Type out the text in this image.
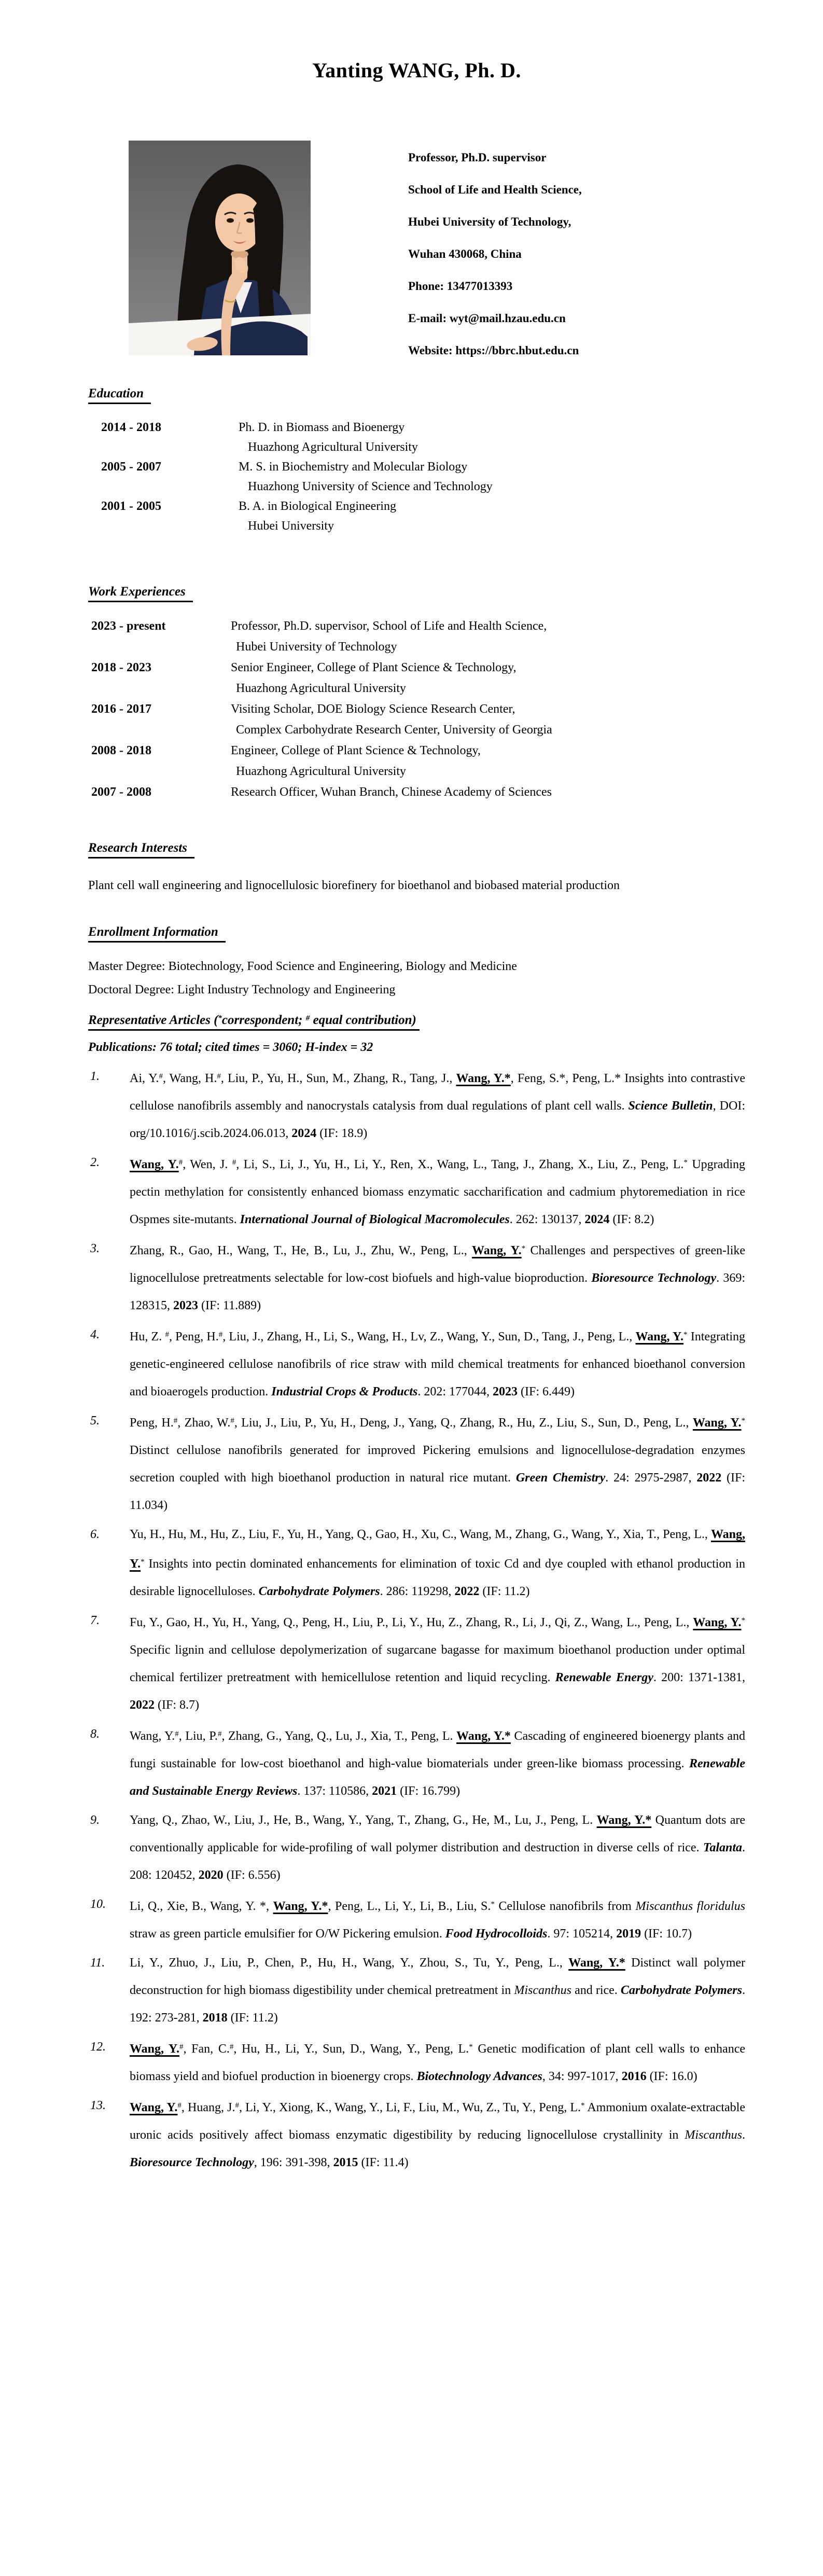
Yanting WANG, Ph. D.
Professor, Ph.D. supervisor
School of Life and Health Science,
Hubei University of Technology,
Wuhan 430068, China
Phone: 13477013393
E-mail: wyt@mail.hzau.edu.cn
Website: https://bbrc.hbut.edu.cn
Education
2014 - 2018	Ph. D. in Biomass and Bioenergy
Huazhong Agricultural University
2005 - 2007	M. S. in Biochemistry and Molecular Biology
Huazhong University of Science and Technology
2001 - 2005	B. A. in Biological Engineering
Hubei University
Work Experiences
2023 - present	Professor, Ph.D. supervisor, School of Life and Health Science,
Hubei University of Technology
2018 - 2023	Senior Engineer, College of Plant Science & Technology,
Huazhong Agricultural University
2016 - 2017	Visiting Scholar, DOE Biology Science Research Center,
Complex Carbohydrate Research Center, University of Georgia
2008 - 2018	Engineer, College of Plant Science & Technology,
Huazhong Agricultural University
2007 - 2008	Research Officer, Wuhan Branch, Chinese Academy of Sciences
Research Interests
Plant cell wall engineering and lignocellulosic biorefinery for bioethanol and biobased material production
Enrollment Information
Master Degree: Biotechnology, Food Science and Engineering, Biology and Medicine
Doctoral Degree: Light Industry Technology and Engineering
Representative Articles (*correspondent; # equal contribution)
Publications: 76 total; cited times = 3060; H-index = 32
1.	Ai, Y.#, Wang, H.#, Liu, P., Yu, H., Sun, M., Zhang, R., Tang, J., Wang, Y.*, Feng, S.*, Peng, L.* Insights into contrastive cellulose nanofibrils assembly and nanocrystals catalysis from dual regulations of plant cell walls. Science Bulletin, DOI: org/10.1016/j.scib.2024.06.013, 2024 (IF: 18.9)
2.	Wang, Y.#, Wen, J. #, Li, S., Li, J., Yu, H., Li, Y., Ren, X., Wang, L., Tang, J., Zhang, X., Liu, Z., Peng, L.* Upgrading pectin methylation for consistently enhanced biomass enzymatic saccharification and cadmium phytoremediation in rice Ospmes site-mutants. International Journal of Biological Macromolecules. 262: 130137, 2024 (IF: 8.2)
3.	Zhang, R., Gao, H., Wang, T., He, B., Lu, J., Zhu, W., Peng, L., Wang, Y.* Challenges and perspectives of green-like lignocellulose pretreatments selectable for low-cost biofuels and high-value bioproduction. Bioresource Technology. 369: 128315, 2023 (IF: 11.889)
4.	Hu, Z. #, Peng, H.#, Liu, J., Zhang, H., Li, S., Wang, H., Lv, Z., Wang, Y., Sun, D., Tang, J., Peng, L., Wang, Y.* Integrating genetic-engineered cellulose nanofibrils of rice straw with mild chemical treatments for enhanced bioethanol conversion and bioaerogels production. Industrial Crops & Products. 202: 177044, 2023 (IF: 6.449)
5.	Peng, H.#, Zhao, W.#, Liu, J., Liu, P., Yu, H., Deng, J., Yang, Q., Zhang, R., Hu, Z., Liu, S., Sun, D., Peng, L., Wang, Y.* Distinct cellulose nanofibrils generated for improved Pickering emulsions and lignocellulose-degradation enzymes secretion coupled with high bioethanol production in natural rice mutant. Green Chemistry. 24: 2975-2987, 2022 (IF: 11.034)
6.	Yu, H., Hu, M., Hu, Z., Liu, F., Yu, H., Yang, Q., Gao, H., Xu, C., Wang, M., Zhang, G., Wang, Y., Xia, T., Peng, L., Wang, Y.* Insights into pectin dominated enhancements for elimination of toxic Cd and dye coupled with ethanol production in desirable lignocelluloses. Carbohydrate Polymers. 286: 119298, 2022 (IF: 11.2)
7.	Fu, Y., Gao, H., Yu, H., Yang, Q., Peng, H., Liu, P., Li, Y., Hu, Z., Zhang, R., Li, J., Qi, Z., Wang, L., Peng, L., Wang, Y.* Specific lignin and cellulose depolymerization of sugarcane bagasse for maximum bioethanol production under optimal chemical fertilizer pretreatment with hemicellulose retention and liquid recycling. Renewable Energy. 200: 1371-1381, 2022 (IF: 8.7)
8.	Wang, Y.#, Liu, P.#, Zhang, G., Yang, Q., Lu, J., Xia, T., Peng, L. Wang, Y.* Cascading of engineered bioenergy plants and fungi sustainable for low-cost bioethanol and high-value biomaterials under green-like biomass processing. Renewable and Sustainable Energy Reviews. 137: 110586, 2021 (IF: 16.799)
9.	Yang, Q., Zhao, W., Liu, J., He, B., Wang, Y., Yang, T., Zhang, G., He, M., Lu, J., Peng, L. Wang, Y.* Quantum dots are conventionally applicable for wide-profiling of wall polymer distribution and destruction in diverse cells of rice. Talanta. 208: 120452, 2020 (IF: 6.556)
10.	Li, Q., Xie, B., Wang, Y. *, Wang, Y.*, Peng, L., Li, Y., Li, B., Liu, S.* Cellulose nanofibrils from Miscanthus floridulus straw as green particle emulsifier for O/W Pickering emulsion. Food Hydrocolloids. 97: 105214, 2019 (IF: 10.7)
11.	Li, Y., Zhuo, J., Liu, P., Chen, P., Hu, H., Wang, Y., Zhou, S., Tu, Y., Peng, L., Wang, Y.* Distinct wall polymer deconstruction for high biomass digestibility under chemical pretreatment in Miscanthus and rice. Carbohydrate Polymers. 192: 273-281, 2018 (IF: 11.2)
12.	Wang, Y.#, Fan, C.#, Hu, H., Li, Y., Sun, D., Wang, Y., Peng, L.* Genetic modification of plant cell walls to enhance biomass yield and biofuel production in bioenergy crops. Biotechnology Advances, 34: 997-1017, 2016 (IF: 16.0)
13.	Wang, Y.#, Huang, J.#, Li, Y., Xiong, K., Wang, Y., Li, F., Liu, M., Wu, Z., Tu, Y., Peng, L.* Ammonium oxalate-extractable uronic acids positively affect biomass enzymatic digestibility by reducing lignocellulose crystallinity in Miscanthus. Bioresource Technology, 196: 391-398, 2015 (IF: 11.4)
